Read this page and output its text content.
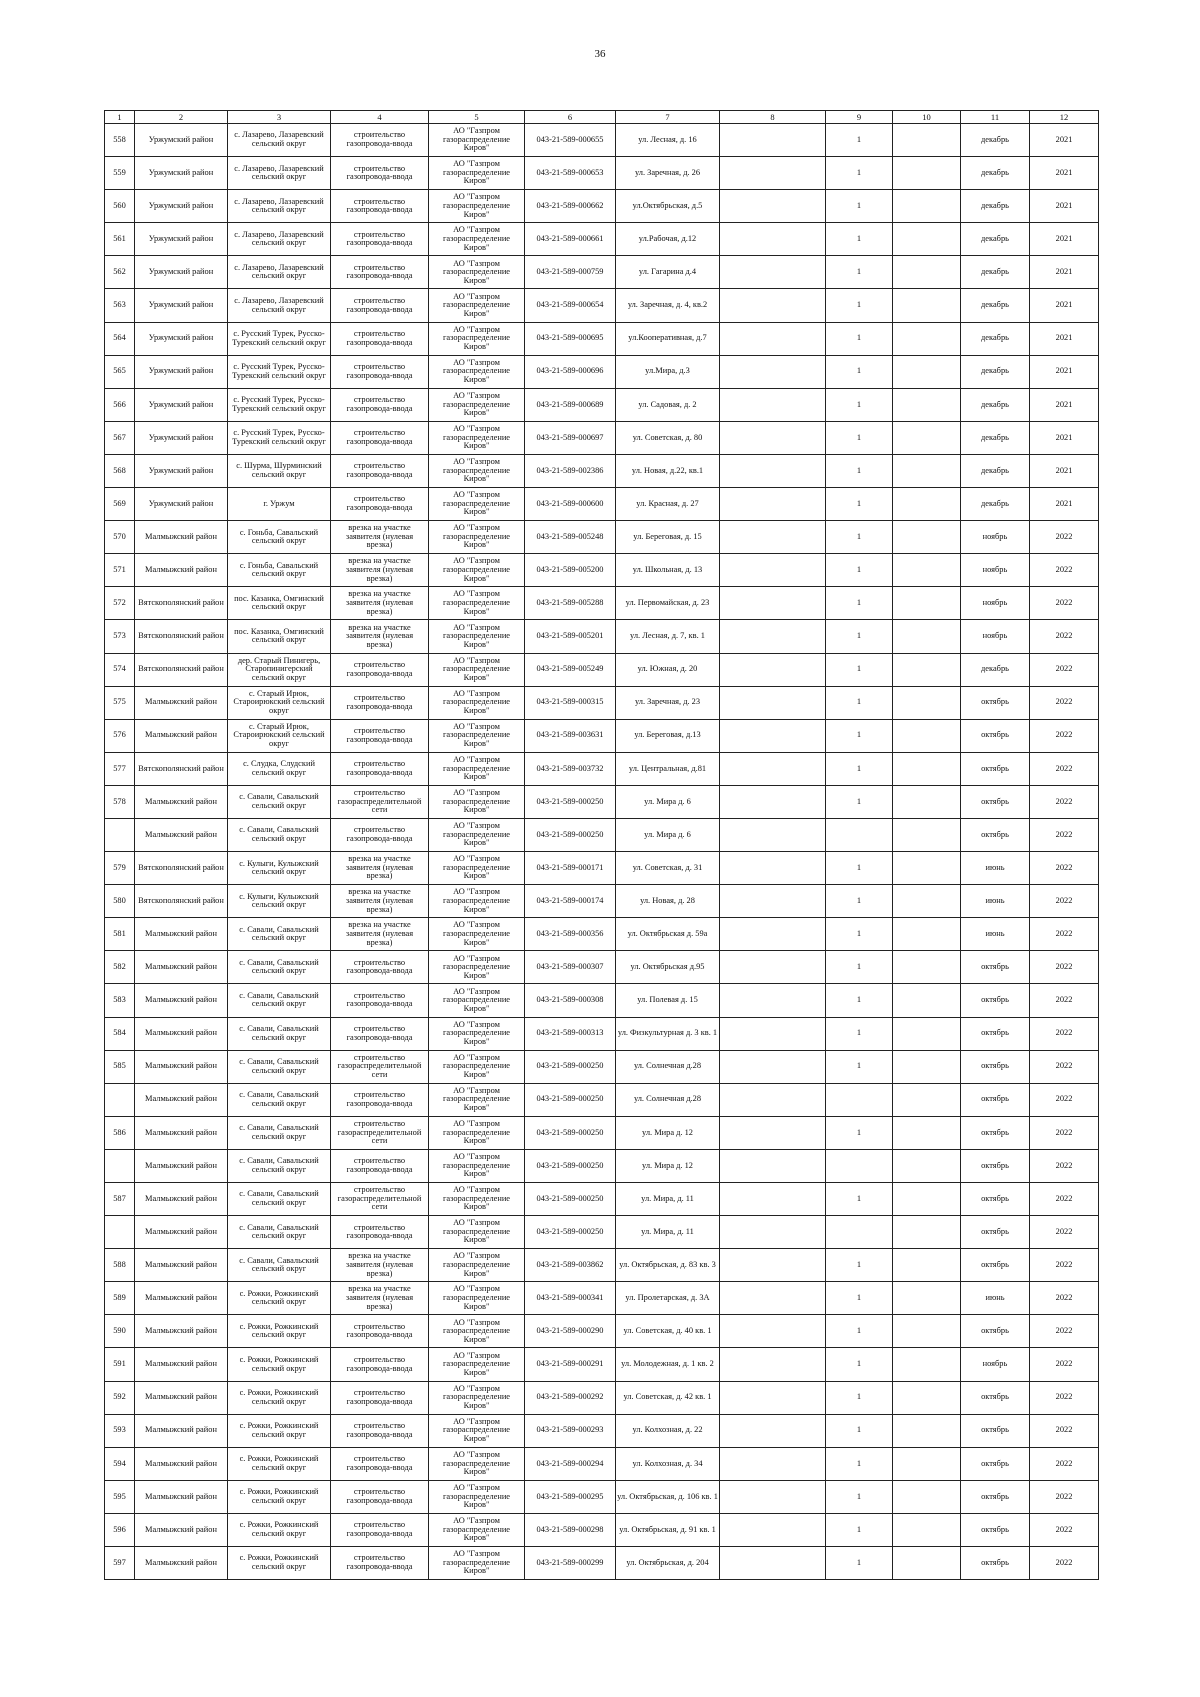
36
1	2	3	4	5	6	7	8	9	10	11	12
558	Уржумский район	с. Лазарево, Лазаревский сельский округ	строительство газопровода-ввода	АО "Газпром газораспределение Киров"	043-21-589-000655	ул. Лесная, д. 16		1		декабрь	2021
559	Уржумский район	с. Лазарево, Лазаревский сельский округ	строительство газопровода-ввода	АО "Газпром газораспределение Киров"	043-21-589-000653	ул. Заречная, д. 26		1		декабрь	2021
560	Уржумский район	с. Лазарево, Лазаревский сельский округ	строительство газопровода-ввода	АО "Газпром газораспределение Киров"	043-21-589-000662	ул.Октябрьская, д.5		1		декабрь	2021
561	Уржумский район	с. Лазарево, Лазаревский сельский округ	строительство газопровода-ввода	АО "Газпром газораспределение Киров"	043-21-589-000661	ул.Рабочая, д.12		1		декабрь	2021
562	Уржумский район	с. Лазарево, Лазаревский сельский округ	строительство газопровода-ввода	АО "Газпром газораспределение Киров"	043-21-589-000759	ул. Гагарина д.4		1		декабрь	2021
563	Уржумский район	с. Лазарево, Лазаревский сельский округ	строительство газопровода-ввода	АО "Газпром газораспределение Киров"	043-21-589-000654	ул. Заречная, д. 4, кв.2		1		декабрь	2021
564	Уржумский район	с. Русский Турек, Русско-Турекский сельский округ	строительство газопровода-ввода	АО "Газпром газораспределение Киров"	043-21-589-000695	ул.Кооперативная, д.7		1		декабрь	2021
565	Уржумский район	с. Русский Турек, Русско-Турекский сельский округ	строительство газопровода-ввода	АО "Газпром газораспределение Киров"	043-21-589-000696	ул.Мира, д.3		1		декабрь	2021
566	Уржумский район	с. Русский Турек, Русско-Турекский сельский округ	строительство газопровода-ввода	АО "Газпром газораспределение Киров"	043-21-589-000689	ул. Садовая, д. 2		1		декабрь	2021
567	Уржумский район	с. Русский Турек, Русско-Турекский сельский округ	строительство газопровода-ввода	АО "Газпром газораспределение Киров"	043-21-589-000697	ул. Советская, д. 80		1		декабрь	2021
568	Уржумский район	с. Шурма, Шурминский сельский округ	строительство газопровода-ввода	АО "Газпром газораспределение Киров"	043-21-589-002386	ул. Новая, д.22, кв.1		1		декабрь	2021
569	Уржумский район	г. Уржум	строительство газопровода-ввода	АО "Газпром газораспределение Киров"	043-21-589-000600	ул. Красная, д. 27		1		декабрь	2021
570	Малмыжский район	с. Гоньба, Савальский сельский округ	врезка на участке заявителя (нулевая врезка)	АО "Газпром газораспределение Киров"	043-21-589-005248	ул. Береговая, д. 15		1		ноябрь	2022
571	Малмыжский район	с. Гоньба, Савальский сельский округ	врезка на участке заявителя (нулевая врезка)	АО "Газпром газораспределение Киров"	043-21-589-005200	ул. Школьная, д. 13		1		ноябрь	2022
572	Вятскополянский район	пос. Казанка, Омгинский сельский округ	врезка на участке заявителя (нулевая врезка)	АО "Газпром газораспределение Киров"	043-21-589-005288	ул. Первомайская, д. 23		1		ноябрь	2022
573	Вятскополянский район	пос. Казанка, Омгинский сельский округ	врезка на участке заявителя (нулевая врезка)	АО "Газпром газораспределение Киров"	043-21-589-005201	ул. Лесная, д. 7, кв. 1		1		ноябрь	2022
574	Вятскополянский район	дер. Старый Пинигерь, Старопинигерский сельский округ	строительство газопровода-ввода	АО "Газпром газораспределение Киров"	043-21-589-005249	ул. Южная, д. 20		1		декабрь	2022
575	Малмыжский район	с. Старый Ирюк, Староирюкский сельский округ	строительство газопровода-ввода	АО "Газпром газораспределение Киров"	043-21-589-000315	ул. Заречная, д. 23		1		октябрь	2022
576	Малмыжский район	с. Старый Ирюк, Староирюкский сельский округ	строительство газопровода-ввода	АО "Газпром газораспределение Киров"	043-21-589-003631	ул. Береговая, д.13		1		октябрь	2022
577	Вятскополянский район	с. Слудка, Слудский сельский округ	строительство газопровода-ввода	АО "Газпром газораспределение Киров"	043-21-589-003732	ул. Центральная, д.81		1		октябрь	2022
578	Малмыжский район	с. Савали, Савальский сельский округ	строительство газораспределительной сети	АО "Газпром газораспределение Киров"	043-21-589-000250	ул. Мира д. 6		1		октябрь	2022
	Малмыжский район	с. Савали, Савальский сельский округ	строительство газопровода-ввода	АО "Газпром газораспределение Киров"	043-21-589-000250	ул. Мира д. 6				октябрь	2022
579	Вятскополянский район	с. Кулыги, Кулыжский сельский округ	врезка на участке заявителя (нулевая врезка)	АО "Газпром газораспределение Киров"	043-21-589-000171	ул. Советская, д. 31		1		июнь	2022
580	Вятскополянский район	с. Кулыги, Кулыжский сельский округ	врезка на участке заявителя (нулевая врезка)	АО "Газпром газораспределение Киров"	043-21-589-000174	ул. Новая, д. 28		1		июнь	2022
581	Малмыжский район	с. Савали, Савальский сельский округ	врезка на участке заявителя (нулевая врезка)	АО "Газпром газораспределение Киров"	043-21-589-000356	ул. Октябрьская д. 59а		1		июнь	2022
582	Малмыжский район	с. Савали, Савальский сельский округ	строительство газопровода-ввода	АО "Газпром газораспределение Киров"	043-21-589-000307	ул. Октябрьская д.95		1		октябрь	2022
583	Малмыжский район	с. Савали, Савальский сельский округ	строительство газопровода-ввода	АО "Газпром газораспределение Киров"	043-21-589-000308	ул. Полевая д. 15		1		октябрь	2022
584	Малмыжский район	с. Савали, Савальский сельский округ	строительство газопровода-ввода	АО "Газпром газораспределение Киров"	043-21-589-000313	ул. Физкультурная д. 3 кв. 1		1		октябрь	2022
585	Малмыжский район	с. Савали, Савальский сельский округ	строительство газораспределительной сети	АО "Газпром газораспределение Киров"	043-21-589-000250	ул. Солнечная д.28		1		октябрь	2022
	Малмыжский район	с. Савали, Савальский сельский округ	строительство газопровода-ввода	АО "Газпром газораспределение Киров"	043-21-589-000250	ул. Солнечная д.28				октябрь	2022
586	Малмыжский район	с. Савали, Савальский сельский округ	строительство газораспределительной сети	АО "Газпром газораспределение Киров"	043-21-589-000250	ул. Мира д. 12		1		октябрь	2022
	Малмыжский район	с. Савали, Савальский сельский округ	строительство газопровода-ввода	АО "Газпром газораспределение Киров"	043-21-589-000250	ул. Мира д. 12				октябрь	2022
587	Малмыжский район	с. Савали, Савальский сельский округ	строительство газораспределительной сети	АО "Газпром газораспределение Киров"	043-21-589-000250	ул. Мира, д. 11		1		октябрь	2022
	Малмыжский район	с. Савали, Савальский сельский округ	строительство газопровода-ввода	АО "Газпром газораспределение Киров"	043-21-589-000250	ул. Мира, д. 11				октябрь	2022
588	Малмыжский район	с. Савали, Савальский сельский округ	врезка на участке заявителя (нулевая врезка)	АО "Газпром газораспределение Киров"	043-21-589-003862	ул. Октябрьская, д. 83 кв. 3		1		октябрь	2022
589	Малмыжский район	с. Рожки, Рожкинский сельский округ	врезка на участке заявителя (нулевая врезка)	АО "Газпром газораспределение Киров"	043-21-589-000341	ул. Пролетарская, д. 3А		1		июнь	2022
590	Малмыжский район	с. Рожки, Рожкинский сельский округ	строительство газопровода-ввода	АО "Газпром газораспределение Киров"	043-21-589-000290	ул. Советская, д. 40 кв. 1		1		октябрь	2022
591	Малмыжский район	с. Рожки, Рожкинский сельский округ	строительство газопровода-ввода	АО "Газпром газораспределение Киров"	043-21-589-000291	ул. Молодежная, д. 1 кв. 2		1		ноябрь	2022
592	Малмыжский район	с. Рожки, Рожкинский сельский округ	строительство газопровода-ввода	АО "Газпром газораспределение Киров"	043-21-589-000292	ул. Советская, д. 42 кв. 1		1		октябрь	2022
593	Малмыжский район	с. Рожки, Рожкинский сельский округ	строительство газопровода-ввода	АО "Газпром газораспределение Киров"	043-21-589-000293	ул. Колхозная, д. 22		1		октябрь	2022
594	Малмыжский район	с. Рожки, Рожкинский сельский округ	строительство газопровода-ввода	АО "Газпром газораспределение Киров"	043-21-589-000294	ул. Колхозная, д. 34		1		октябрь	2022
595	Малмыжский район	с. Рожки, Рожкинский сельский округ	строительство газопровода-ввода	АО "Газпром газораспределение Киров"	043-21-589-000295	ул. Октябрьская, д. 106 кв. 1		1		октябрь	2022
596	Малмыжский район	с. Рожки, Рожкинский сельский округ	строительство газопровода-ввода	АО "Газпром газораспределение Киров"	043-21-589-000298	ул. Октябрьская, д. 91 кв. 1		1		октябрь	2022
597	Малмыжский район	с. Рожки, Рожкинский сельский округ	строительство газопровода-ввода	АО "Газпром газораспределение Киров"	043-21-589-000299	ул. Октябрьская, д. 204		1		октябрь	2022
